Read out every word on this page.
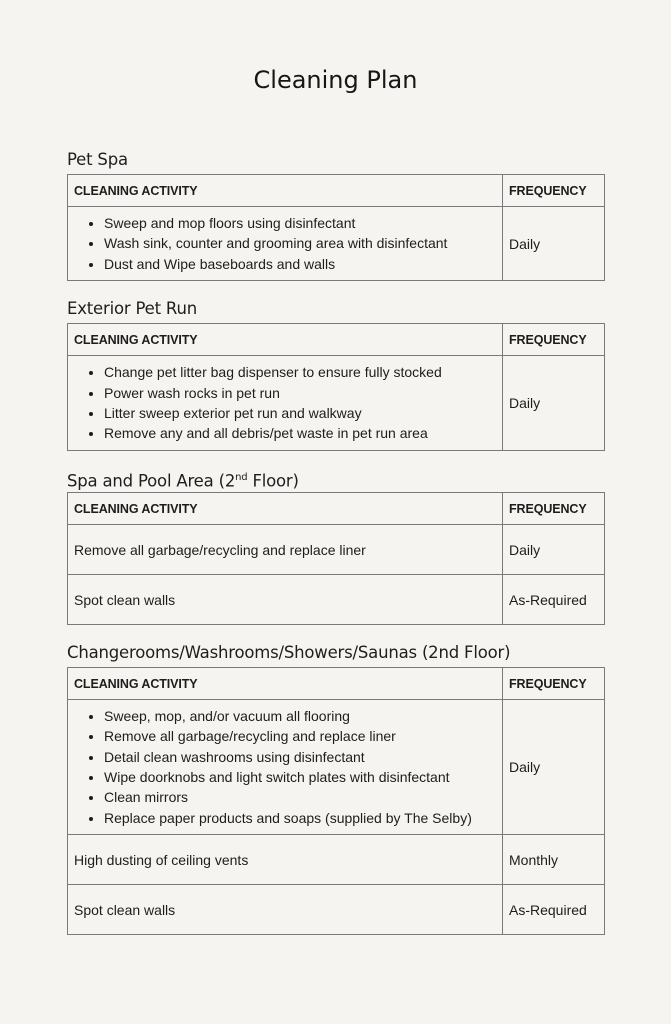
Cleaning Plan
Pet Spa
CLEANING ACTIVITY	FREQUENCY

• Sweep and mop floors using disinfectant
• Wash sink, counter and grooming area with disinfectant
• Dust and Wipe baseboards and walls
	Daily
Exterior Pet Run
CLEANING ACTIVITY	FREQUENCY

• Change pet litter bag dispenser to ensure fully stocked
• Power wash rocks in pet run
• Litter sweep exterior pet run and walkway
• Remove any and all debris/pet waste in pet run area
	Daily
Spa and Pool Area (2nd Floor)
CLEANING ACTIVITY	FREQUENCY
Remove all garbage/recycling and replace liner	Daily
Spot clean walls	As-Required
Changerooms/Washrooms/Showers/Saunas (2nd Floor)
CLEANING ACTIVITY	FREQUENCY

• Sweep, mop, and/or vacuum all flooring
• Remove all garbage/recycling and replace liner
• Detail clean washrooms using disinfectant
• Wipe doorknobs and light switch plates with disinfectant
• Clean mirrors
• Replace paper products and soaps (supplied by The Selby)
	Daily
High dusting of ceiling vents	Monthly
Spot clean walls	As-Required
